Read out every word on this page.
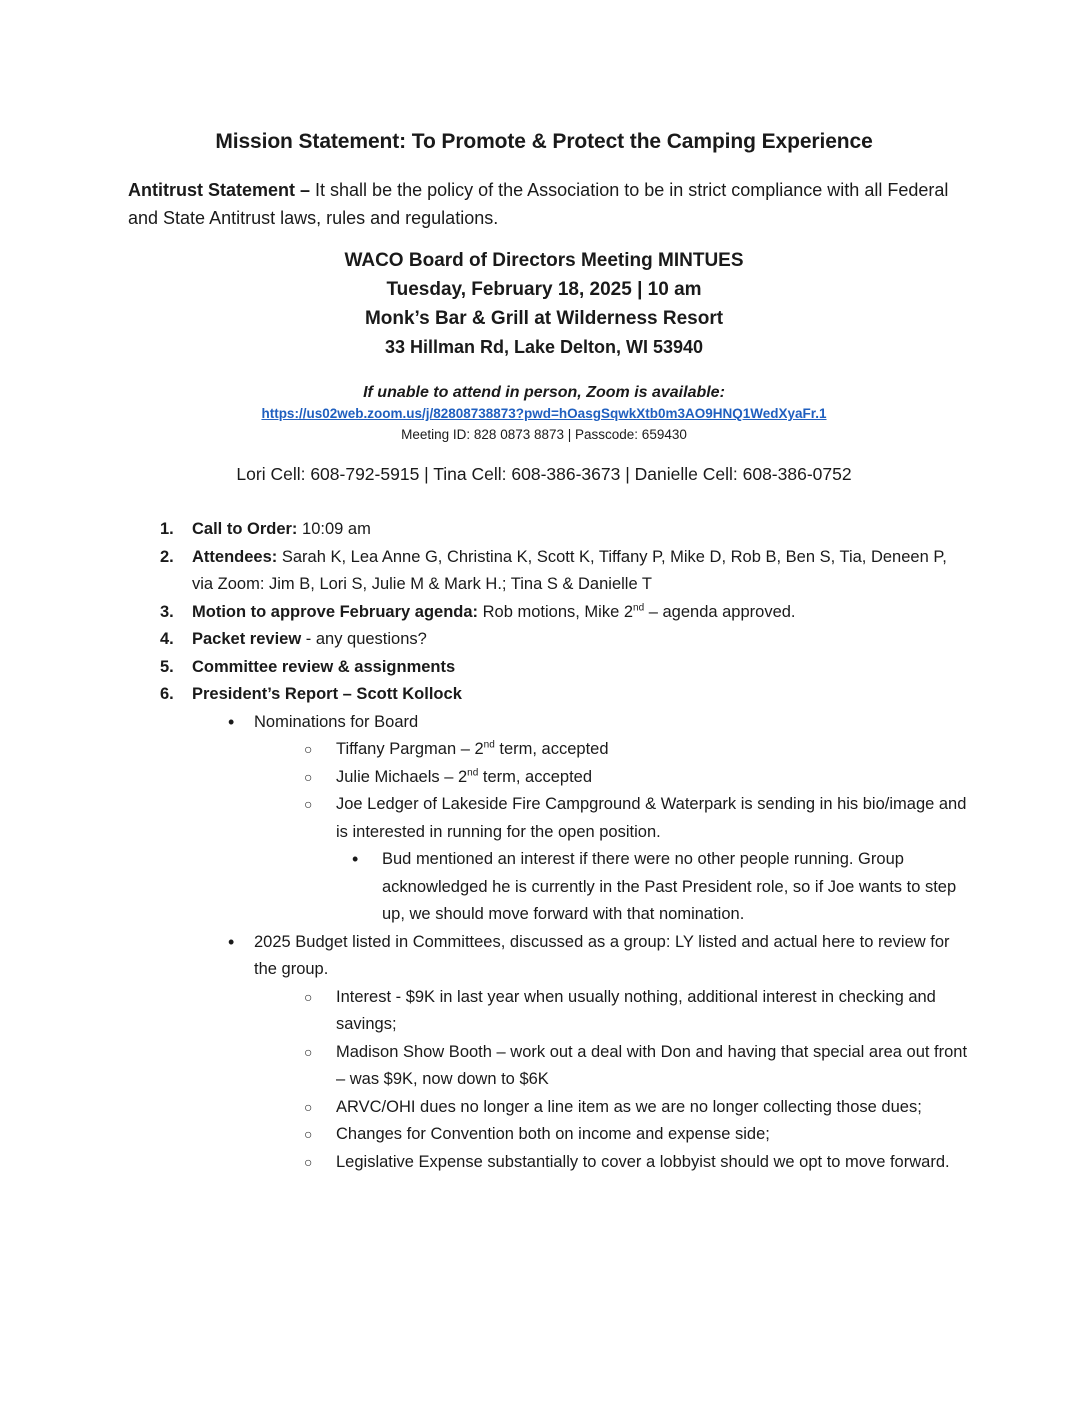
Mission Statement: To Promote & Protect the Camping Experience
Antitrust Statement – It shall be the policy of the Association to be in strict compliance with all Federal and State Antitrust laws, rules and regulations.
WACO Board of Directors Meeting MINTUES
Tuesday, February 18, 2025 | 10 am
Monk’s Bar & Grill at Wilderness Resort
33 Hillman Rd, Lake Delton, WI 53940
If unable to attend in person, Zoom is available:
https://us02web.zoom.us/j/82808738873?pwd=hOasgSqwkXtb0m3AO9HNQ1WedXyaFr.1
Meeting ID: 828 0873 8873 | Passcode: 659430
Lori Cell: 608-792-5915 | Tina Cell: 608-386-3673 | Danielle Cell: 608-386-0752
1. Call to Order: 10:09 am
2. Attendees: Sarah K, Lea Anne G, Christina K, Scott K, Tiffany P, Mike D, Rob B, Ben S, Tia, Deneen P, via Zoom: Jim B, Lori S, Julie M & Mark H.; Tina S & Danielle T
3. Motion to approve February agenda: Rob motions, Mike 2nd – agenda approved.
4. Packet review - any questions?
5. Committee review & assignments
6. President’s Report – Scott Kollock
• Nominations for Board
○ Tiffany Pargman – 2nd term, accepted
○ Julie Michaels – 2nd term, accepted
○ Joe Ledger of Lakeside Fire Campground & Waterpark is sending in his bio/image and is interested in running for the open position.
• Bud mentioned an interest if there were no other people running. Group acknowledged he is currently in the Past President role, so if Joe wants to step up, we should move forward with that nomination.
• 2025 Budget listed in Committees, discussed as a group: LY listed and actual here to review for the group.
○ Interest - $9K in last year when usually nothing, additional interest in checking and savings;
○ Madison Show Booth – work out a deal with Don and having that special area out front – was $9K, now down to $6K
○ ARVC/OHI dues no longer a line item as we are no longer collecting those dues;
○ Changes for Convention both on income and expense side;
○ Legislative Expense substantially to cover a lobbyist should we opt to move forward.
